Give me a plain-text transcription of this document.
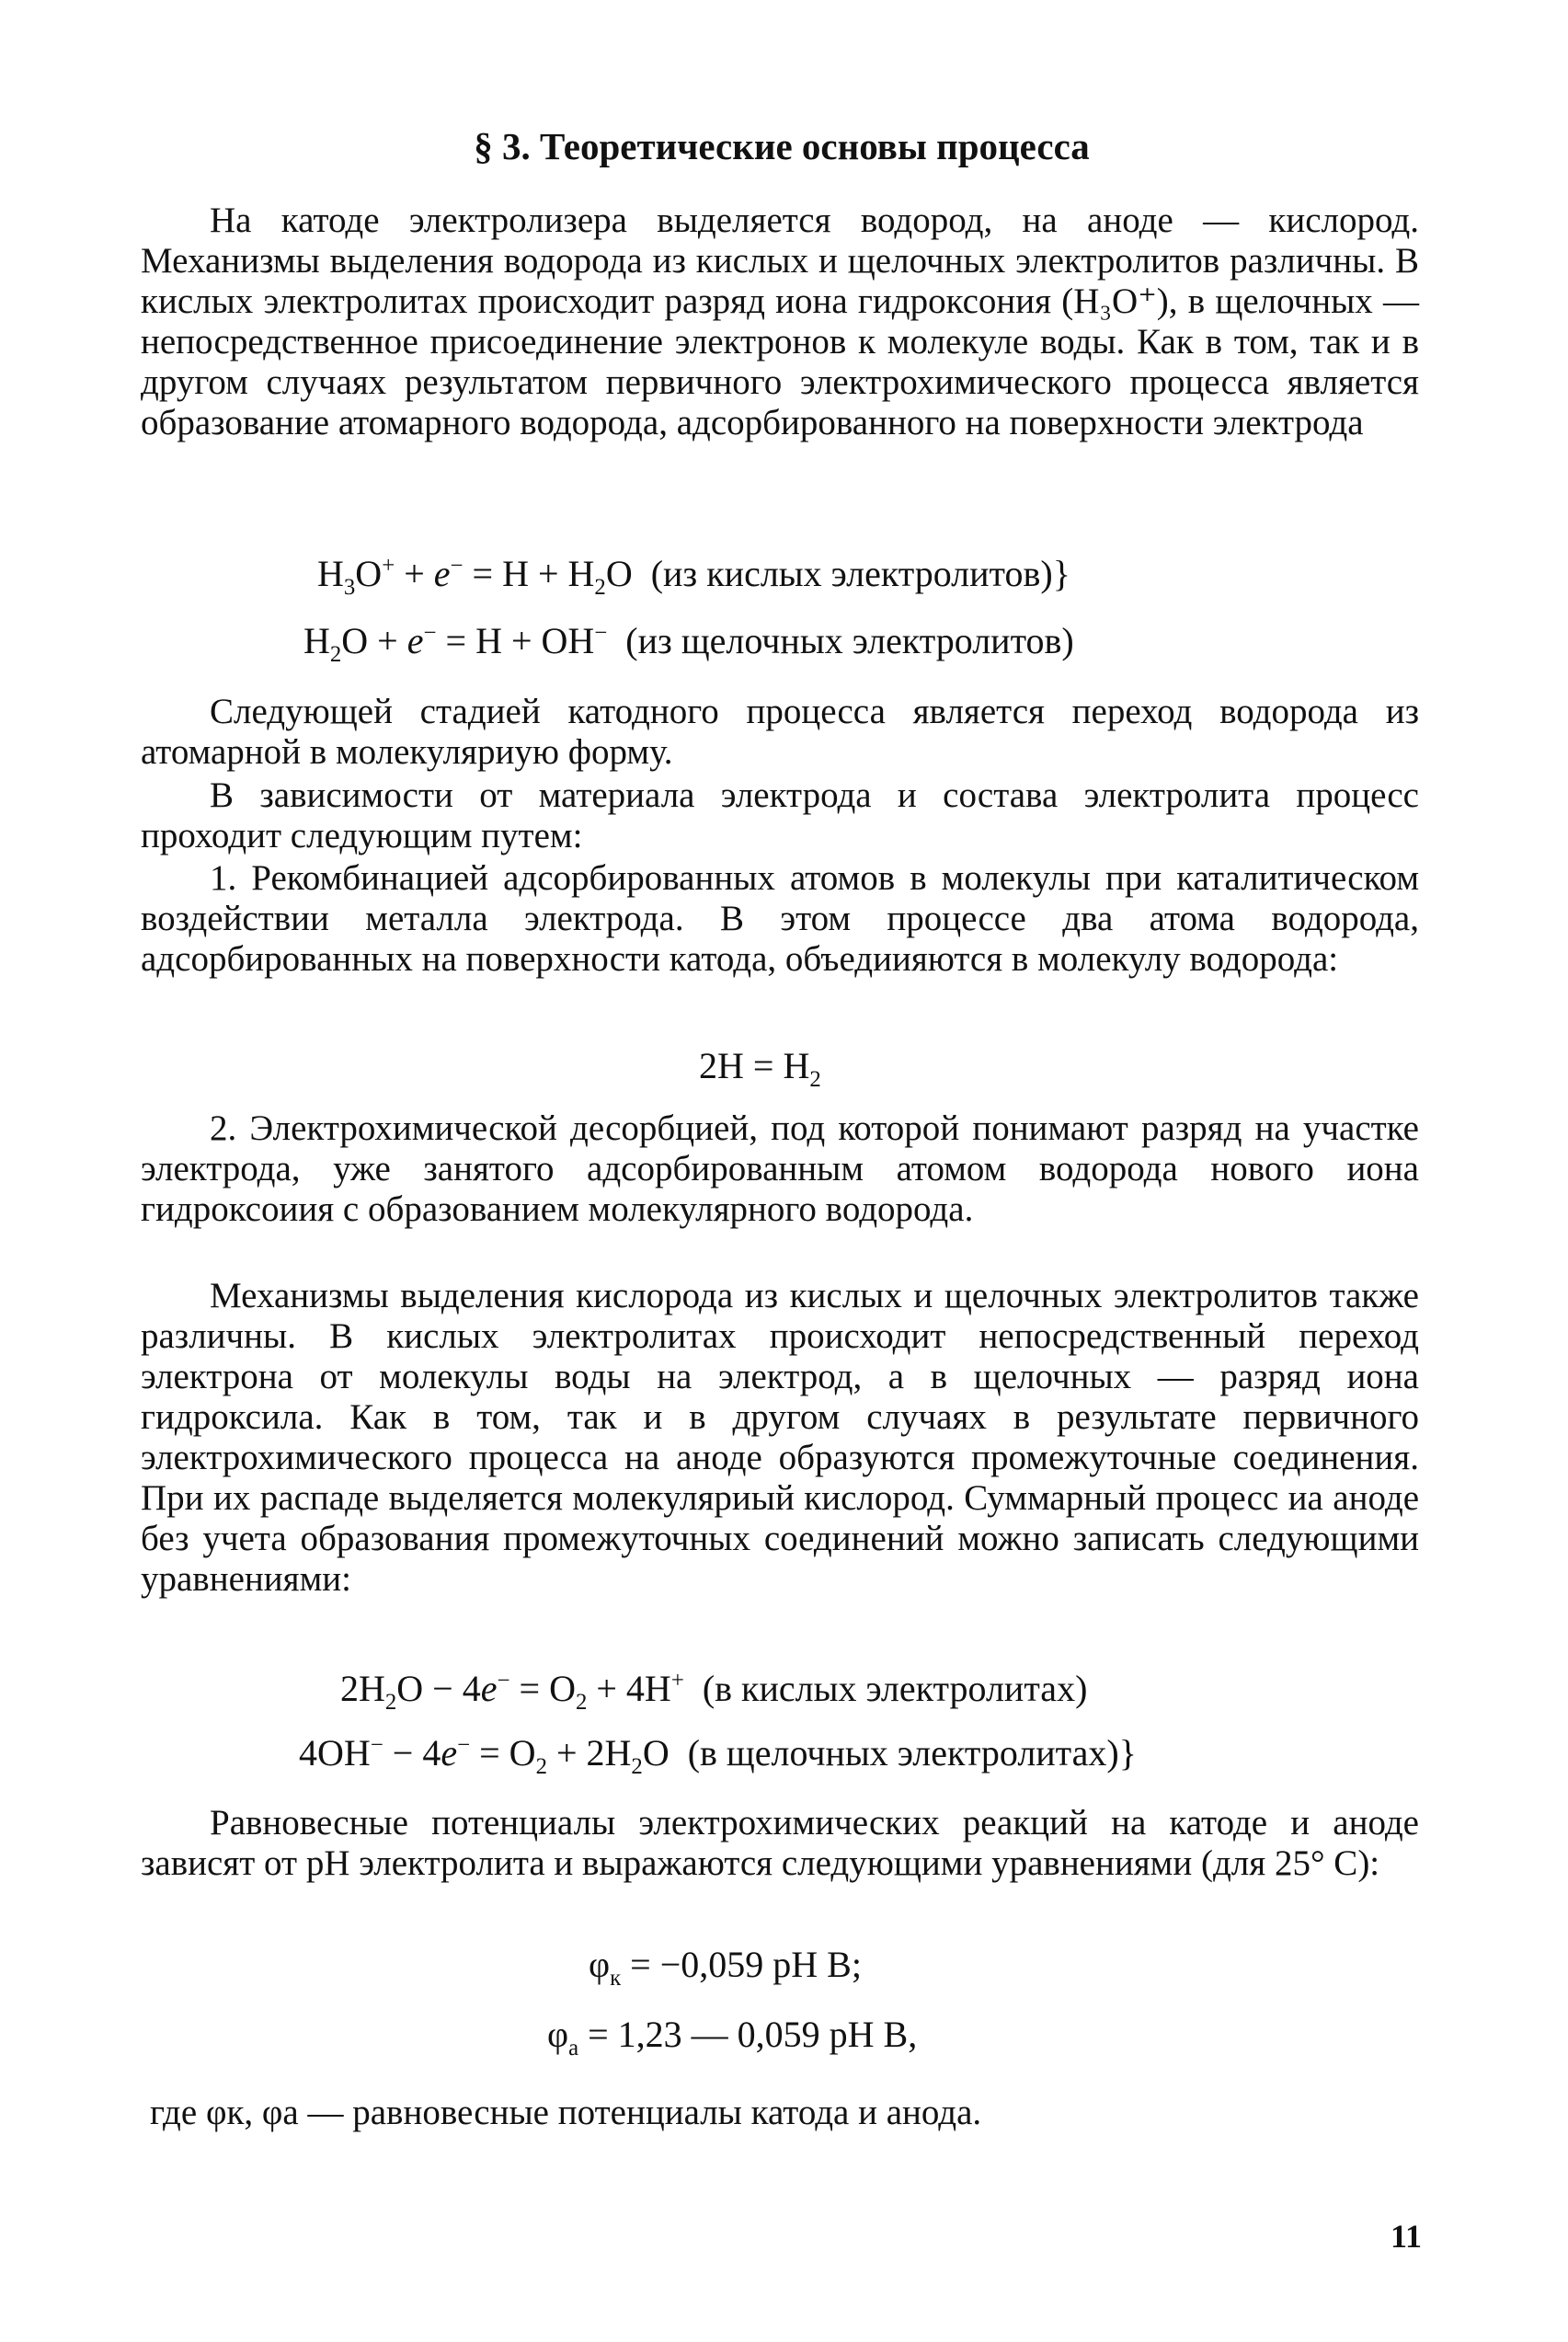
§ 3. Теоретические основы процесса

На катоде электролизера выделяется водород, на аноде — кислород. Механизмы выделения водорода из кислых и щелочных электролитов различны. В кислых электролитах происходит разряд иона гидроксония (H₃O⁺), в щелочных — непосредственное присоединение электронов к молекуле воды. Как в том, так и в другом случаях результатом первичного электрохимического процесса является образование атомарного водорода, адсорбированного на поверхности электрода

$H_3O^+ + e^- = H + H_2O$  (из кислых электролитов)}
$H_2O + e^- = H + OH^-$ (из щелочных электролитов)

Следующей стадией катодного процесса является переход водорода из атомарной в молекуляриую форму.

В зависимости от материала электрода и состава электролита процесс проходит следующим путем:

1. Рекомбинацией адсорбированных атомов в молекулы при каталитическом воздействии металла электрода. В этом процессе два атома водорода, адсорбированных на поверхности катода, объедиияются в молекулу водорода:

$2H = H_2$

2. Электрохимической десорбцией, под которой понимают разряд на участке электрода, уже занятого адсорбированным атомом водорода нового иона гидроксоиия с образованием молекулярного водорода.

Механизмы выделения кислорода из кислых и щелочных электролитов также различны. В кислых электролитах происходит непосредственный переход электрона от молекулы воды на электрод, а в щелочных — разряд иона гидроксила. Как в том, так и в другом случаях в результате первичного электрохимического процесса на аноде образуются промежуточные соединения. При их распаде выделяется молекуляриый кислород. Суммарный процесс иа аноде без учета образования промежуточных соединений можно записать следующими уравнениями:

$2H_2O - 4e^- = O_2 + 4H^+$ (в кислых электролитах)
$4OH^- - 4e^- = O_2 + 2H_2O$  (в щелочных электролитах)}

Равновесные потенциалы электрохимических реакций на катоде и аноде зависят от pH электролита и выражаются следующими уравнениями (для 25° C):

$\varphi_к = -0,059$ pH В;
$\varphi_а = 1,23$ — 0,059 pH В,

где φк, φa — равновесные потенциалы катода и анода.

11
